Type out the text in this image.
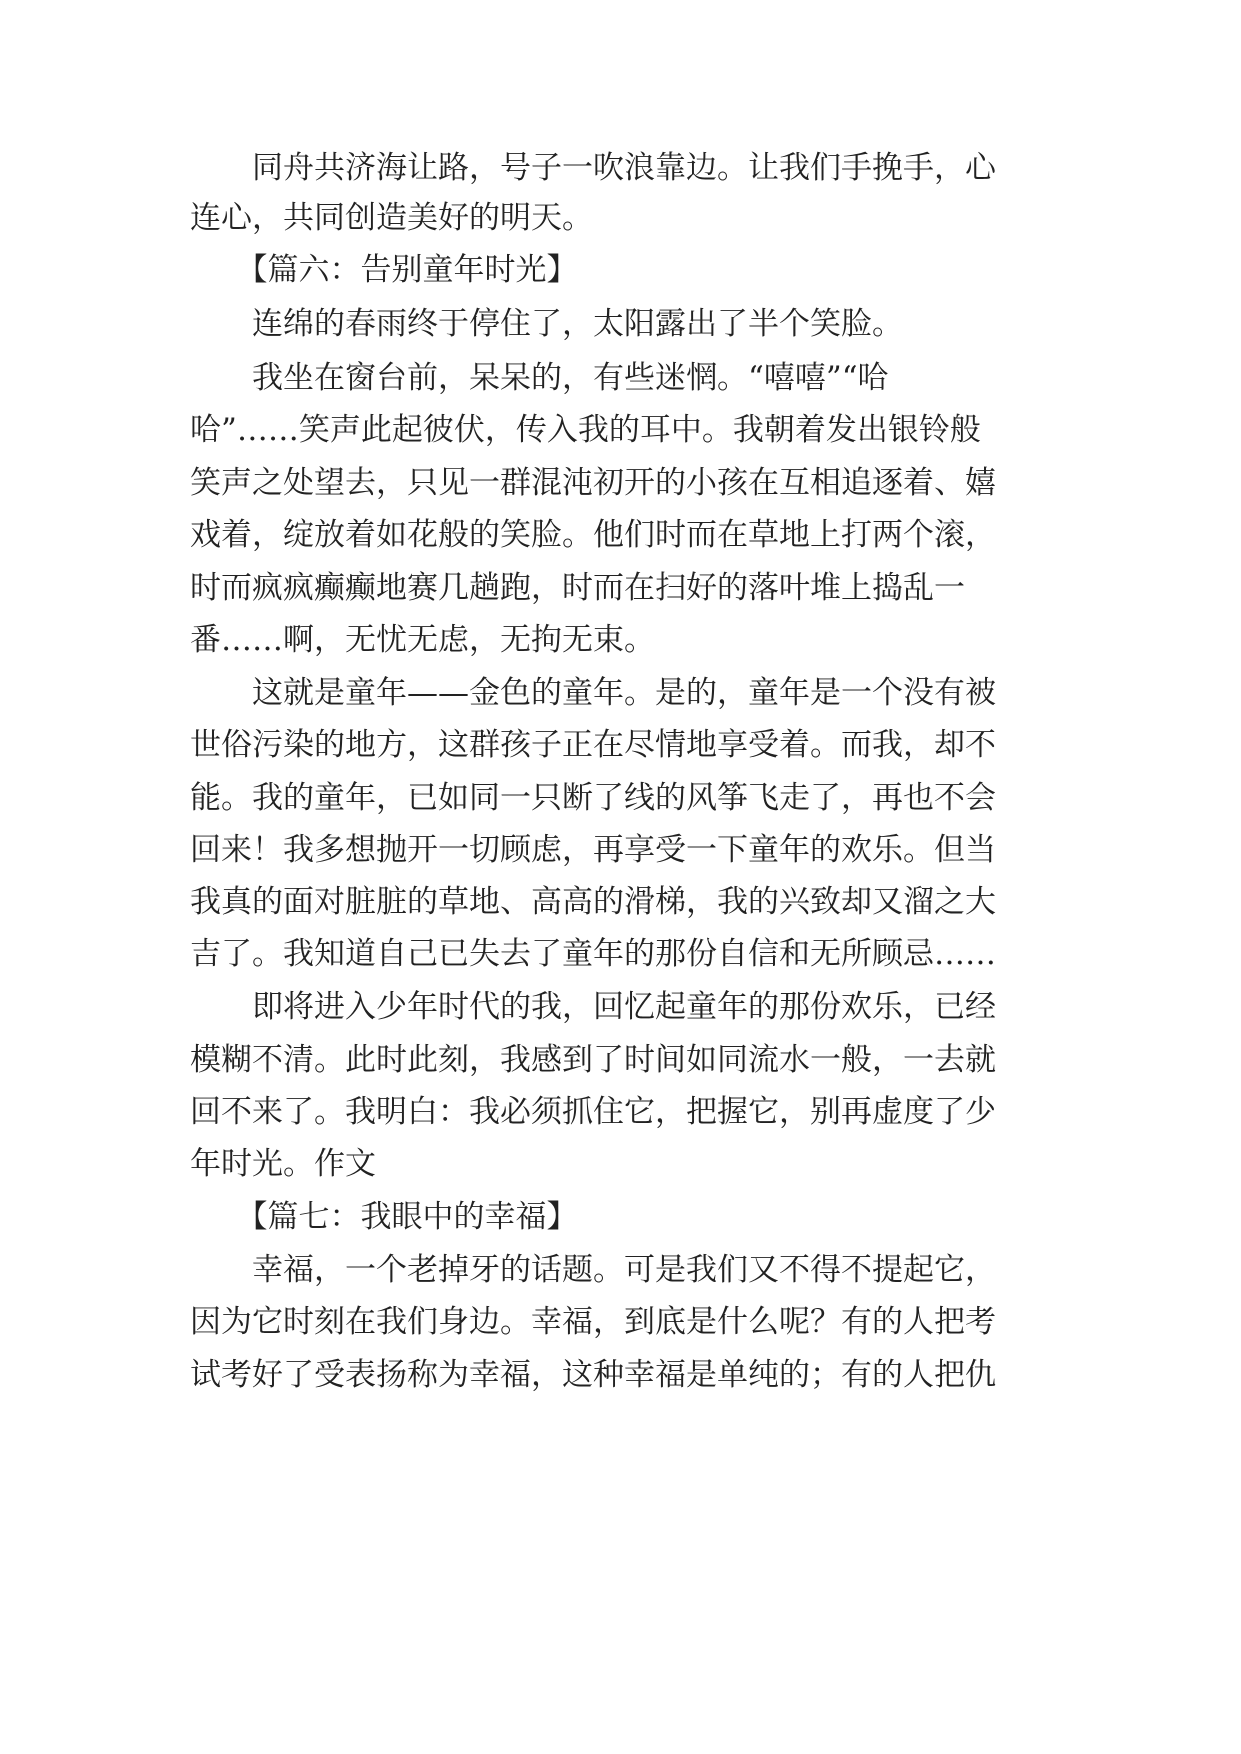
　　同舟共济海让路，号子一吹浪靠边。让我们手挽手，心
连心，共同创造美好的明天。
　　【篇六：告别童年时光】
　　连绵的春雨终于停住了，太阳露出了半个笑脸。
　　我坐在窗台前，呆呆的，有些迷惘。“嘻嘻”“哈
哈”……笑声此起彼伏，传入我的耳中。我朝着发出银铃般
笑声之处望去，只见一群混沌初开的小孩在互相追逐着、嬉
戏着，绽放着如花般的笑脸。他们时而在草地上打两个滚，
时而疯疯癫癫地赛几趟跑，时而在扫好的落叶堆上捣乱一
番……啊，无忧无虑，无拘无束。
　　这就是童年——金色的童年。是的，童年是一个没有被
世俗污染的地方，这群孩子正在尽情地享受着。而我，却不
能。我的童年，已如同一只断了线的风筝飞走了，再也不会
回来！我多想抛开一切顾虑，再享受一下童年的欢乐。但当
我真的面对脏脏的草地、高高的滑梯，我的兴致却又溜之大
吉了。我知道自己已失去了童年的那份自信和无所顾忌……
　　即将进入少年时代的我，回忆起童年的那份欢乐，已经
模糊不清。此时此刻，我感到了时间如同流水一般，一去就
回不来了。我明白：我必须抓住它，把握它，别再虚度了少
年时光。作文
　　【篇七：我眼中的幸福】
　　幸福，一个老掉牙的话题。可是我们又不得不提起它，
因为它时刻在我们身边。幸福，到底是什么呢？有的人把考
试考好了受表扬称为幸福，这种幸福是单纯的；有的人把仇
